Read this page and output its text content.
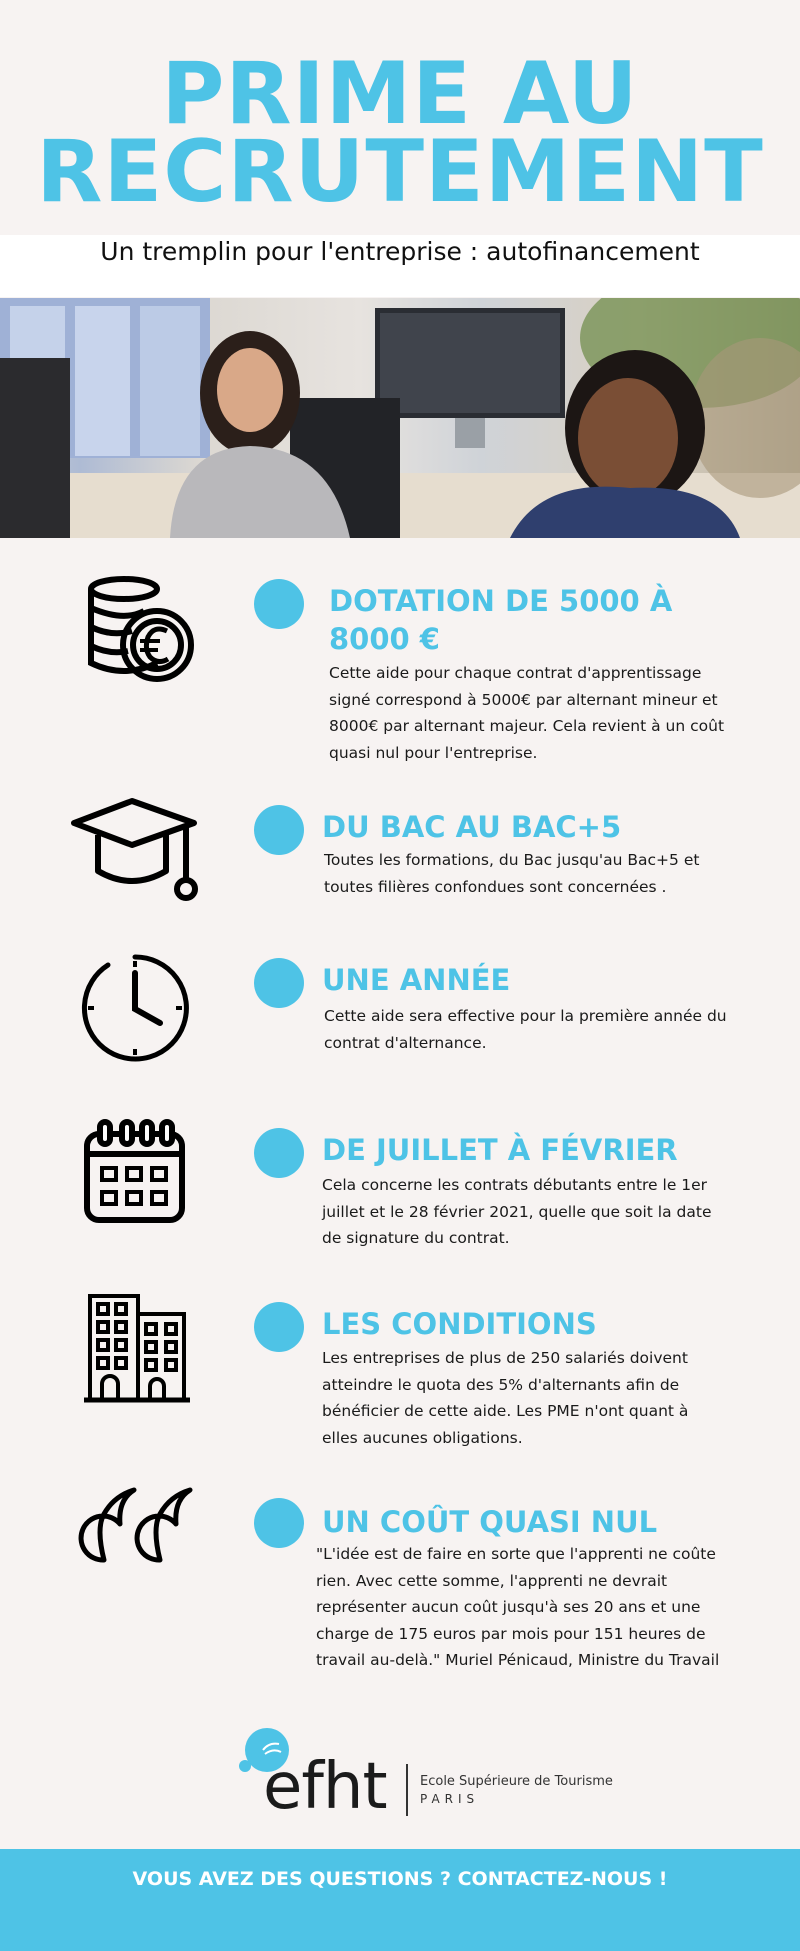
PRIME AU
RECRUTEMENT
Un tremplin pour l'entreprise : autofinancement
DOTATION DE 5000 À
8000 €
Cette aide pour chaque contrat d'apprentissage
signé correspond à 5000€ par alternant mineur et
8000€ par alternant majeur. Cela revient à un coût
quasi nul pour l'entreprise.
DU BAC AU BAC+5
Toutes les formations, du Bac jusqu'au Bac+5 et
toutes filières confondues sont concernées .
UNE ANNÉE
Cette aide sera effective pour la première année du
contrat d'alternance.
DE JUILLET À FÉVRIER
Cela concerne les contrats débutants entre le 1er
juillet et le 28 février 2021, quelle que soit la date
de signature du contrat.
LES CONDITIONS
Les entreprises de plus de 250 salariés doivent
atteindre le quota des 5% d'alternants afin de
bénéficier de cette aide. Les PME n'ont quant à
elles aucunes obligations.
UN COÛT QUASI NUL
"L'idée est de faire en sorte que l'apprenti ne coûte
rien. Avec cette somme, l'apprenti ne devrait
représenter aucun coût jusqu'à ses 20 ans et une
charge de 175 euros par mois pour 151 heures de
travail au-delà." Muriel Pénicaud, Ministre du Travail
efht	Ecole Supérieure de Tourisme
PARIS
VOUS AVEZ DES QUESTIONS ? CONTACTEZ-NOUS !
